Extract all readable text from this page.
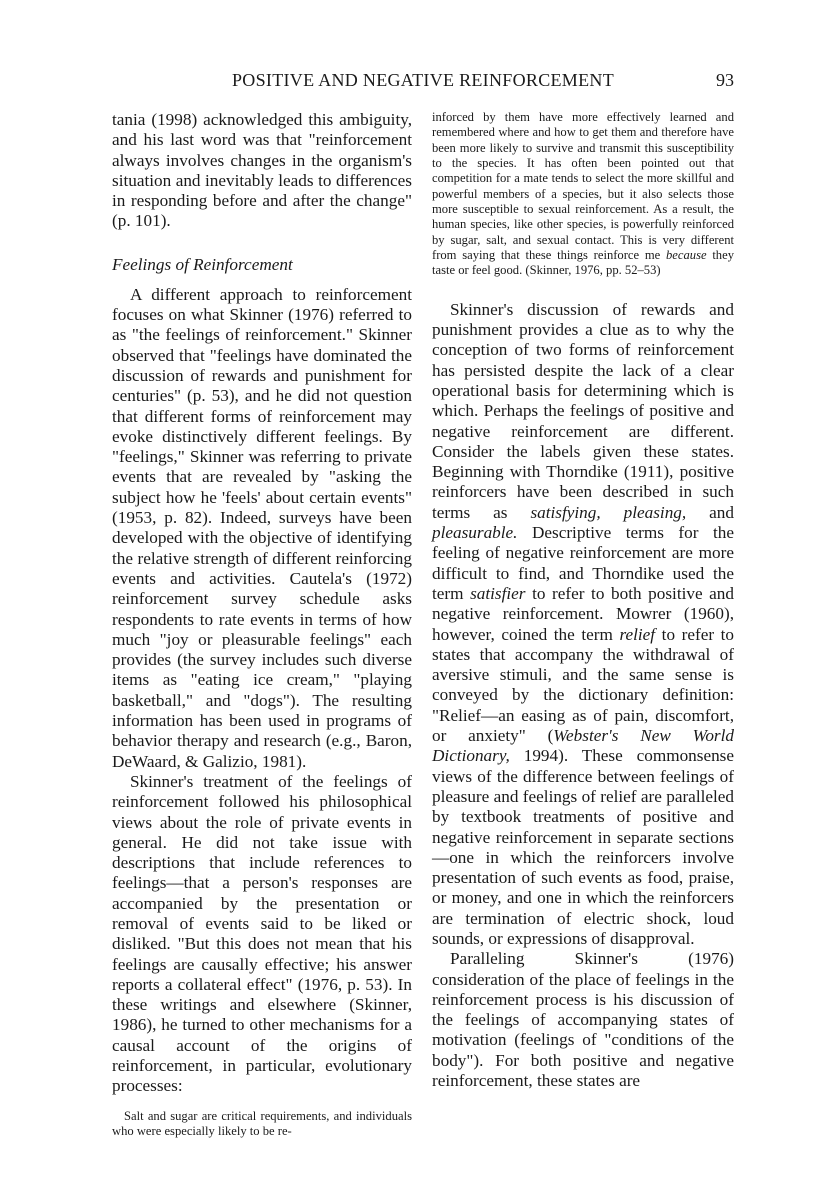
POSITIVE AND NEGATIVE REINFORCEMENT	93

tania (1998) acknowledged this ambiguity, and his last word was that "reinforcement always involves changes in the organism's situation and inevitably leads to differences in responding before and after the change" (p. 101).

Feelings of Reinforcement

A different approach to reinforcement focuses on what Skinner (1976) referred to as "the feelings of reinforcement." Skinner observed that "feelings have dominated the discussion of rewards and punishment for centuries" (p. 53), and he did not question that different forms of reinforcement may evoke distinctively different feelings. By "feelings," Skinner was referring to private events that are revealed by "asking the subject how he 'feels' about certain events" (1953, p. 82). Indeed, surveys have been developed with the objective of identifying the relative strength of different reinforcing events and activities. Cautela's (1972) reinforcement survey schedule asks respondents to rate events in terms of how much "joy or pleasurable feelings" each provides (the survey includes such diverse items as "eating ice cream," "playing basketball," and "dogs"). The resulting information has been used in programs of behavior therapy and research (e.g., Baron, DeWaard, & Galizio, 1981).

Skinner's treatment of the feelings of reinforcement followed his philosophical views about the role of private events in general. He did not take issue with descriptions that include references to feelings—that a person's responses are accompanied by the presentation or removal of events said to be liked or disliked. "But this does not mean that his feelings are causally effective; his answer reports a collateral effect" (1976, p. 53). In these writings and elsewhere (Skinner, 1986), he turned to other mechanisms for a causal account of the origins of reinforcement, in particular, evolutionary processes:

Salt and sugar are critical requirements, and individuals who were especially likely to be re-

inforced by them have more effectively learned and remembered where and how to get them and therefore have been more likely to survive and transmit this susceptibility to the species. It has often been pointed out that competition for a mate tends to select the more skillful and powerful members of a species, but it also selects those more susceptible to sexual reinforcement. As a result, the human species, like other species, is powerfully reinforced by sugar, salt, and sexual contact. This is very different from saying that these things reinforce me because they taste or feel good. (Skinner, 1976, pp. 52–53)

Skinner's discussion of rewards and punishment provides a clue as to why the conception of two forms of reinforcement has persisted despite the lack of a clear operational basis for determining which is which. Perhaps the feelings of positive and negative reinforcement are different. Consider the labels given these states. Beginning with Thorndike (1911), positive reinforcers have been described in such terms as satisfying, pleasing, and pleasurable. Descriptive terms for the feeling of negative reinforcement are more difficult to find, and Thorndike used the term satisfier to refer to both positive and negative reinforcement. Mowrer (1960), however, coined the term relief to refer to states that accompany the withdrawal of aversive stimuli, and the same sense is conveyed by the dictionary definition: "Relief—an easing as of pain, discomfort, or anxiety" (Webster's New World Dictionary, 1994). These commonsense views of the difference between feelings of pleasure and feelings of relief are paralleled by textbook treatments of positive and negative reinforcement in separate sections—one in which the reinforcers involve presentation of such events as food, praise, or money, and one in which the reinforcers are termination of electric shock, loud sounds, or expressions of disapproval.

Paralleling Skinner's (1976) consideration of the place of feelings in the reinforcement process is his discussion of the feelings of accompanying states of motivation (feelings of "conditions of the body"). For both positive and negative reinforcement, these states are
